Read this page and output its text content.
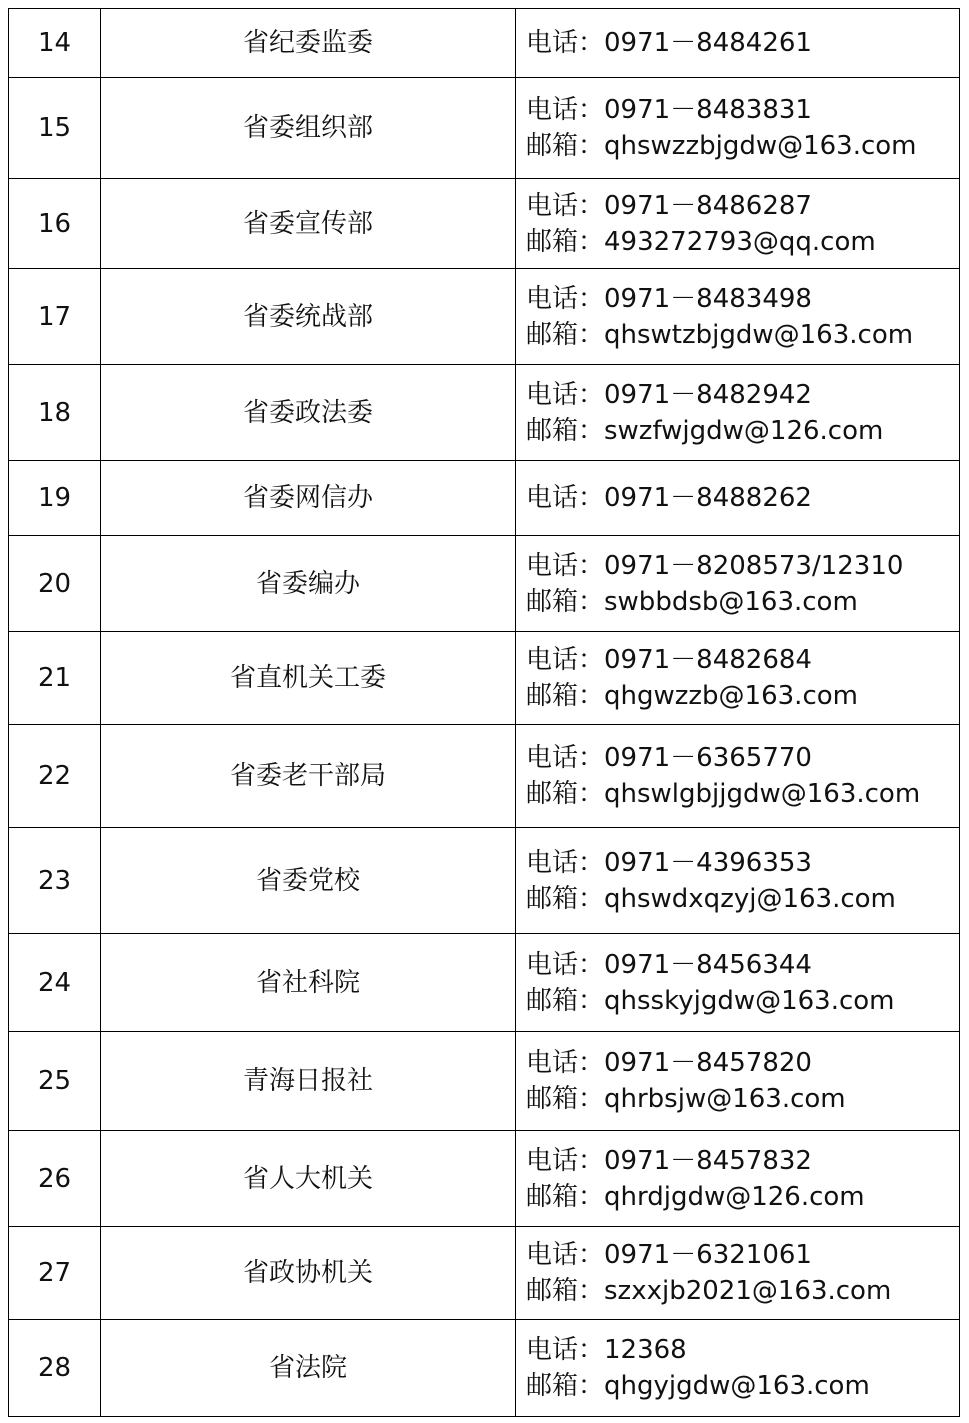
14	省纪委监委	电话：0971－8484261

15	省委组织部	电话：0971－8483831
邮箱：qhswzzbjgdw@163.com

16	省委宣传部	电话：0971－8486287
邮箱：493272793@qq.com

17	省委统战部	电话：0971－8483498
邮箱：qhswtzbjgdw@163.com

18	省委政法委	电话：0971－8482942
邮箱：swzfwjgdw@126.com

19	省委网信办	电话：0971－8488262

20	省委编办	电话：0971－8208573/12310
邮箱：swbbdsb@163.com

21	省直机关工委	电话：0971－8482684
邮箱：qhgwzzb@163.com

22	省委老干部局	电话：0971－6365770
邮箱：qhswlgbjjgdw@163.com

23	省委党校	电话：0971－4396353
邮箱：qhswdxqzyj@163.com

24	省社科院	电话：0971－8456344
邮箱：qhsskyjgdw@163.com

25	青海日报社	电话：0971－8457820
邮箱：qhrbsjw@163.com

26	省人大机关	电话：0971－8457832
邮箱：qhrdjgdw@126.com

27	省政协机关	电话：0971－6321061
邮箱：szxxjb2021@163.com

28	省法院	电话：12368
邮箱：qhgyjgdw@163.com
